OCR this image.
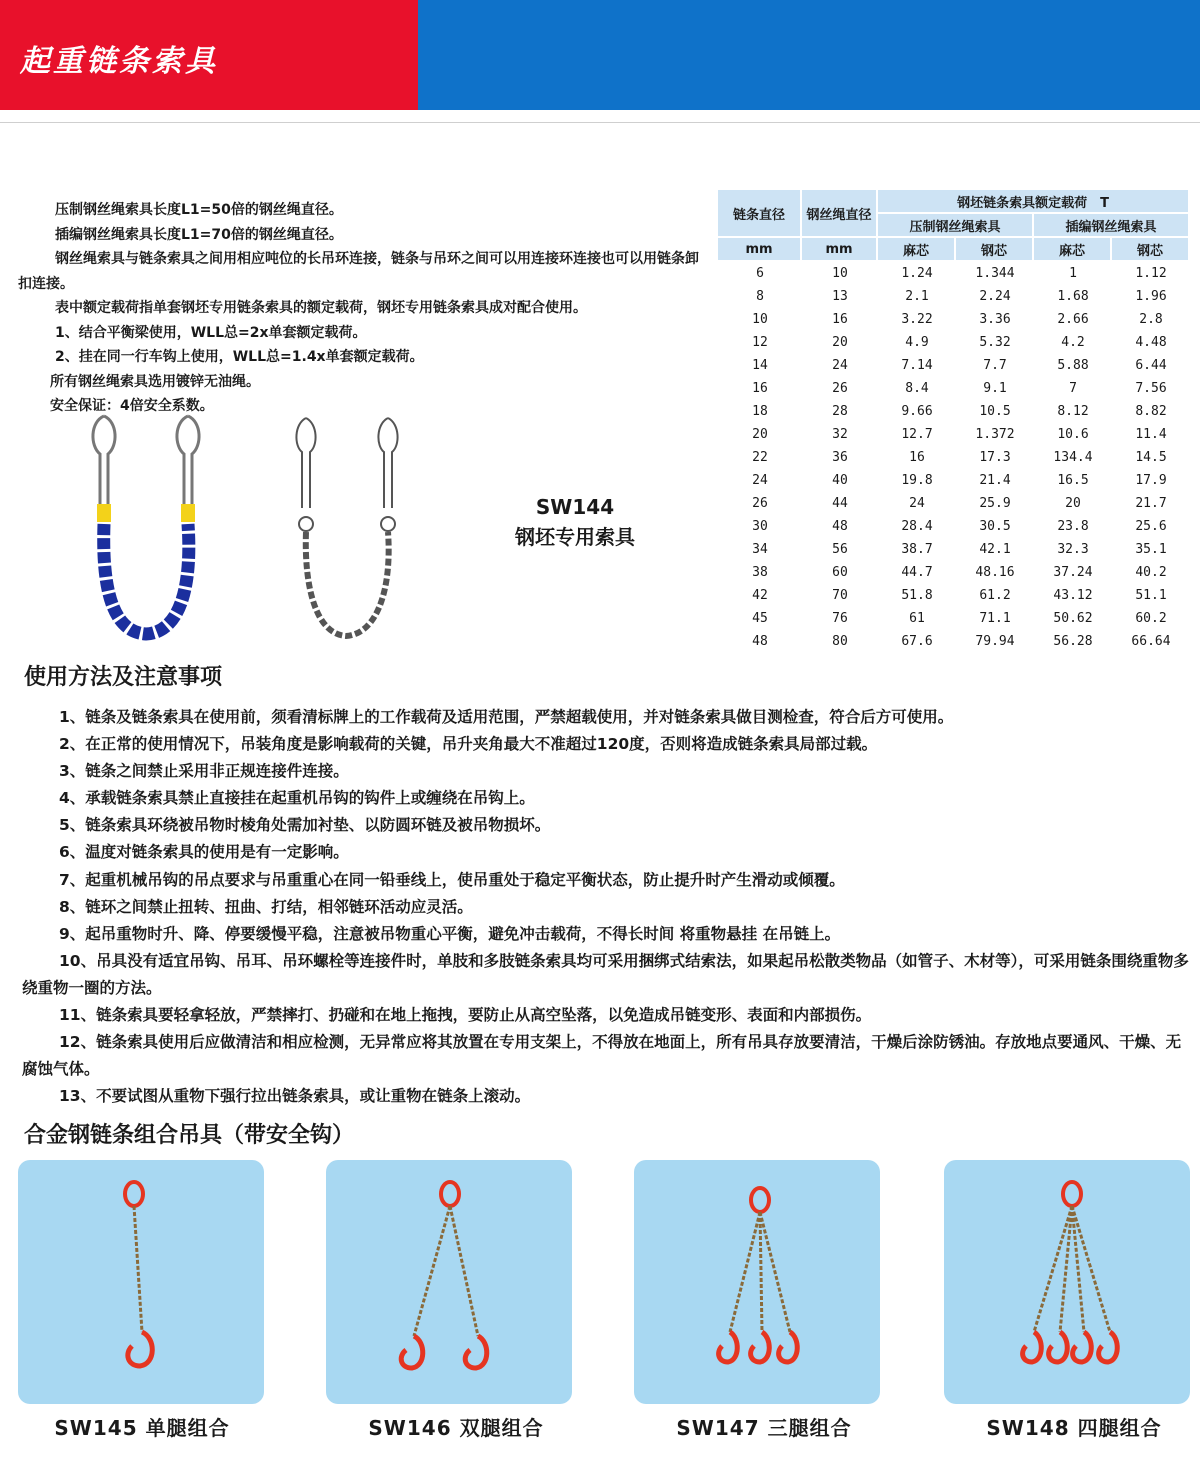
起重链条索具

压制钢丝绳索具长度L1=50倍的钢丝绳直径。

插编钢丝绳索具长度L1=70倍的钢丝绳直径。

钢丝绳索具与链条索具之间用相应吨位的长吊环连接，链条与吊环之间可以用连接环连接也可以用链条卸扣连接。

表中额定载荷指单套钢坯专用链条索具的额定载荷，钢坯专用链条索具成对配合使用。

1、结合平衡梁使用，WLL总=2x单套额定载荷。

2、挂在同一行车钩上使用，WLL总=1.4x单套额定载荷。

所有钢丝绳索具选用镀锌无油绳。

安全保证：4倍安全系数。

SW144
钢坯专用索具
链条直径	钢丝绳直径	钢坯链条索具额定载荷　T			
		压制钢丝绳索具		插编钢丝绳索具	
mm	mm	麻芯	钢芯	麻芯	钢芯
6	10	1.24	1.344	1	1.12
8	13	2.1	2.24	1.68	1.96
10	16	3.22	3.36	2.66	2.8
12	20	4.9	5.32	4.2	4.48
14	24	7.14	7.7	5.88	6.44
16	26	8.4	9.1	7	7.56
18	28	9.66	10.5	8.12	8.82
20	32	12.7	1.372	10.6	11.4
22	36	16	17.3	134.4	14.5
24	40	19.8	21.4	16.5	17.9
26	44	24	25.9	20	21.7
30	48	28.4	30.5	23.8	25.6
34	56	38.7	42.1	32.3	35.1
38	60	44.7	48.16	37.24	40.2
42	70	51.8	61.2	43.12	51.1
45	76	61	71.1	50.62	60.2
48	80	67.6	79.94	56.28	66.64
使用方法及注意事项

1、链条及链条索具在使用前，须看清标牌上的工作载荷及适用范围，严禁超载使用，并对链条索具做目测检查，符合后方可使用。

2、在正常的使用情况下，吊装角度是影响载荷的关键，吊升夹角最大不准超过120度，否则将造成链条索具局部过载。

3、链条之间禁止采用非正规连接件连接。

4、承载链条索具禁止直接挂在起重机吊钩的钩件上或缠绕在吊钩上。

5、链条索具环绕被吊物时棱角处需加衬垫、以防圆环链及被吊物损坏。

6、温度对链条索具的使用是有一定影响。

7、起重机械吊钩的吊点要求与吊重重心在同一铅垂线上，使吊重处于稳定平衡状态，防止提升时产生滑动或倾覆。

8、链环之间禁止扭转、扭曲、打结，相邻链环活动应灵活。

9、起吊重物时升、降、停要缓慢平稳，注意被吊物重心平衡，避免冲击载荷，不得长时间 将重物悬挂 在吊链上。

10、吊具没有适宜吊钩、吊耳、吊环螺栓等连接件时，单肢和多肢链条索具均可采用捆绑式结索法，如果起吊松散类物品（如管子、木材等），可采用链条围绕重物多绕重物一圈的方法。

11、链条索具要轻拿轻放，严禁摔打、扔碰和在地上拖拽，要防止从高空坠落，以免造成吊链变形、表面和内部损伤。

12、链条索具使用后应做清洁和相应检测，无异常应将其放置在专用支架上，不得放在地面上，所有吊具存放要清洁，干燥后涂防锈油。存放地点要通风、干燥、无腐蚀气体。

13、不要试图从重物下强行拉出链条索具，或让重物在链条上滚动。

合金钢链条组合吊具（带安全钩）
SW145 单腿组合	SW146 双腿组合	SW147 三腿组合	SW148 四腿组合
